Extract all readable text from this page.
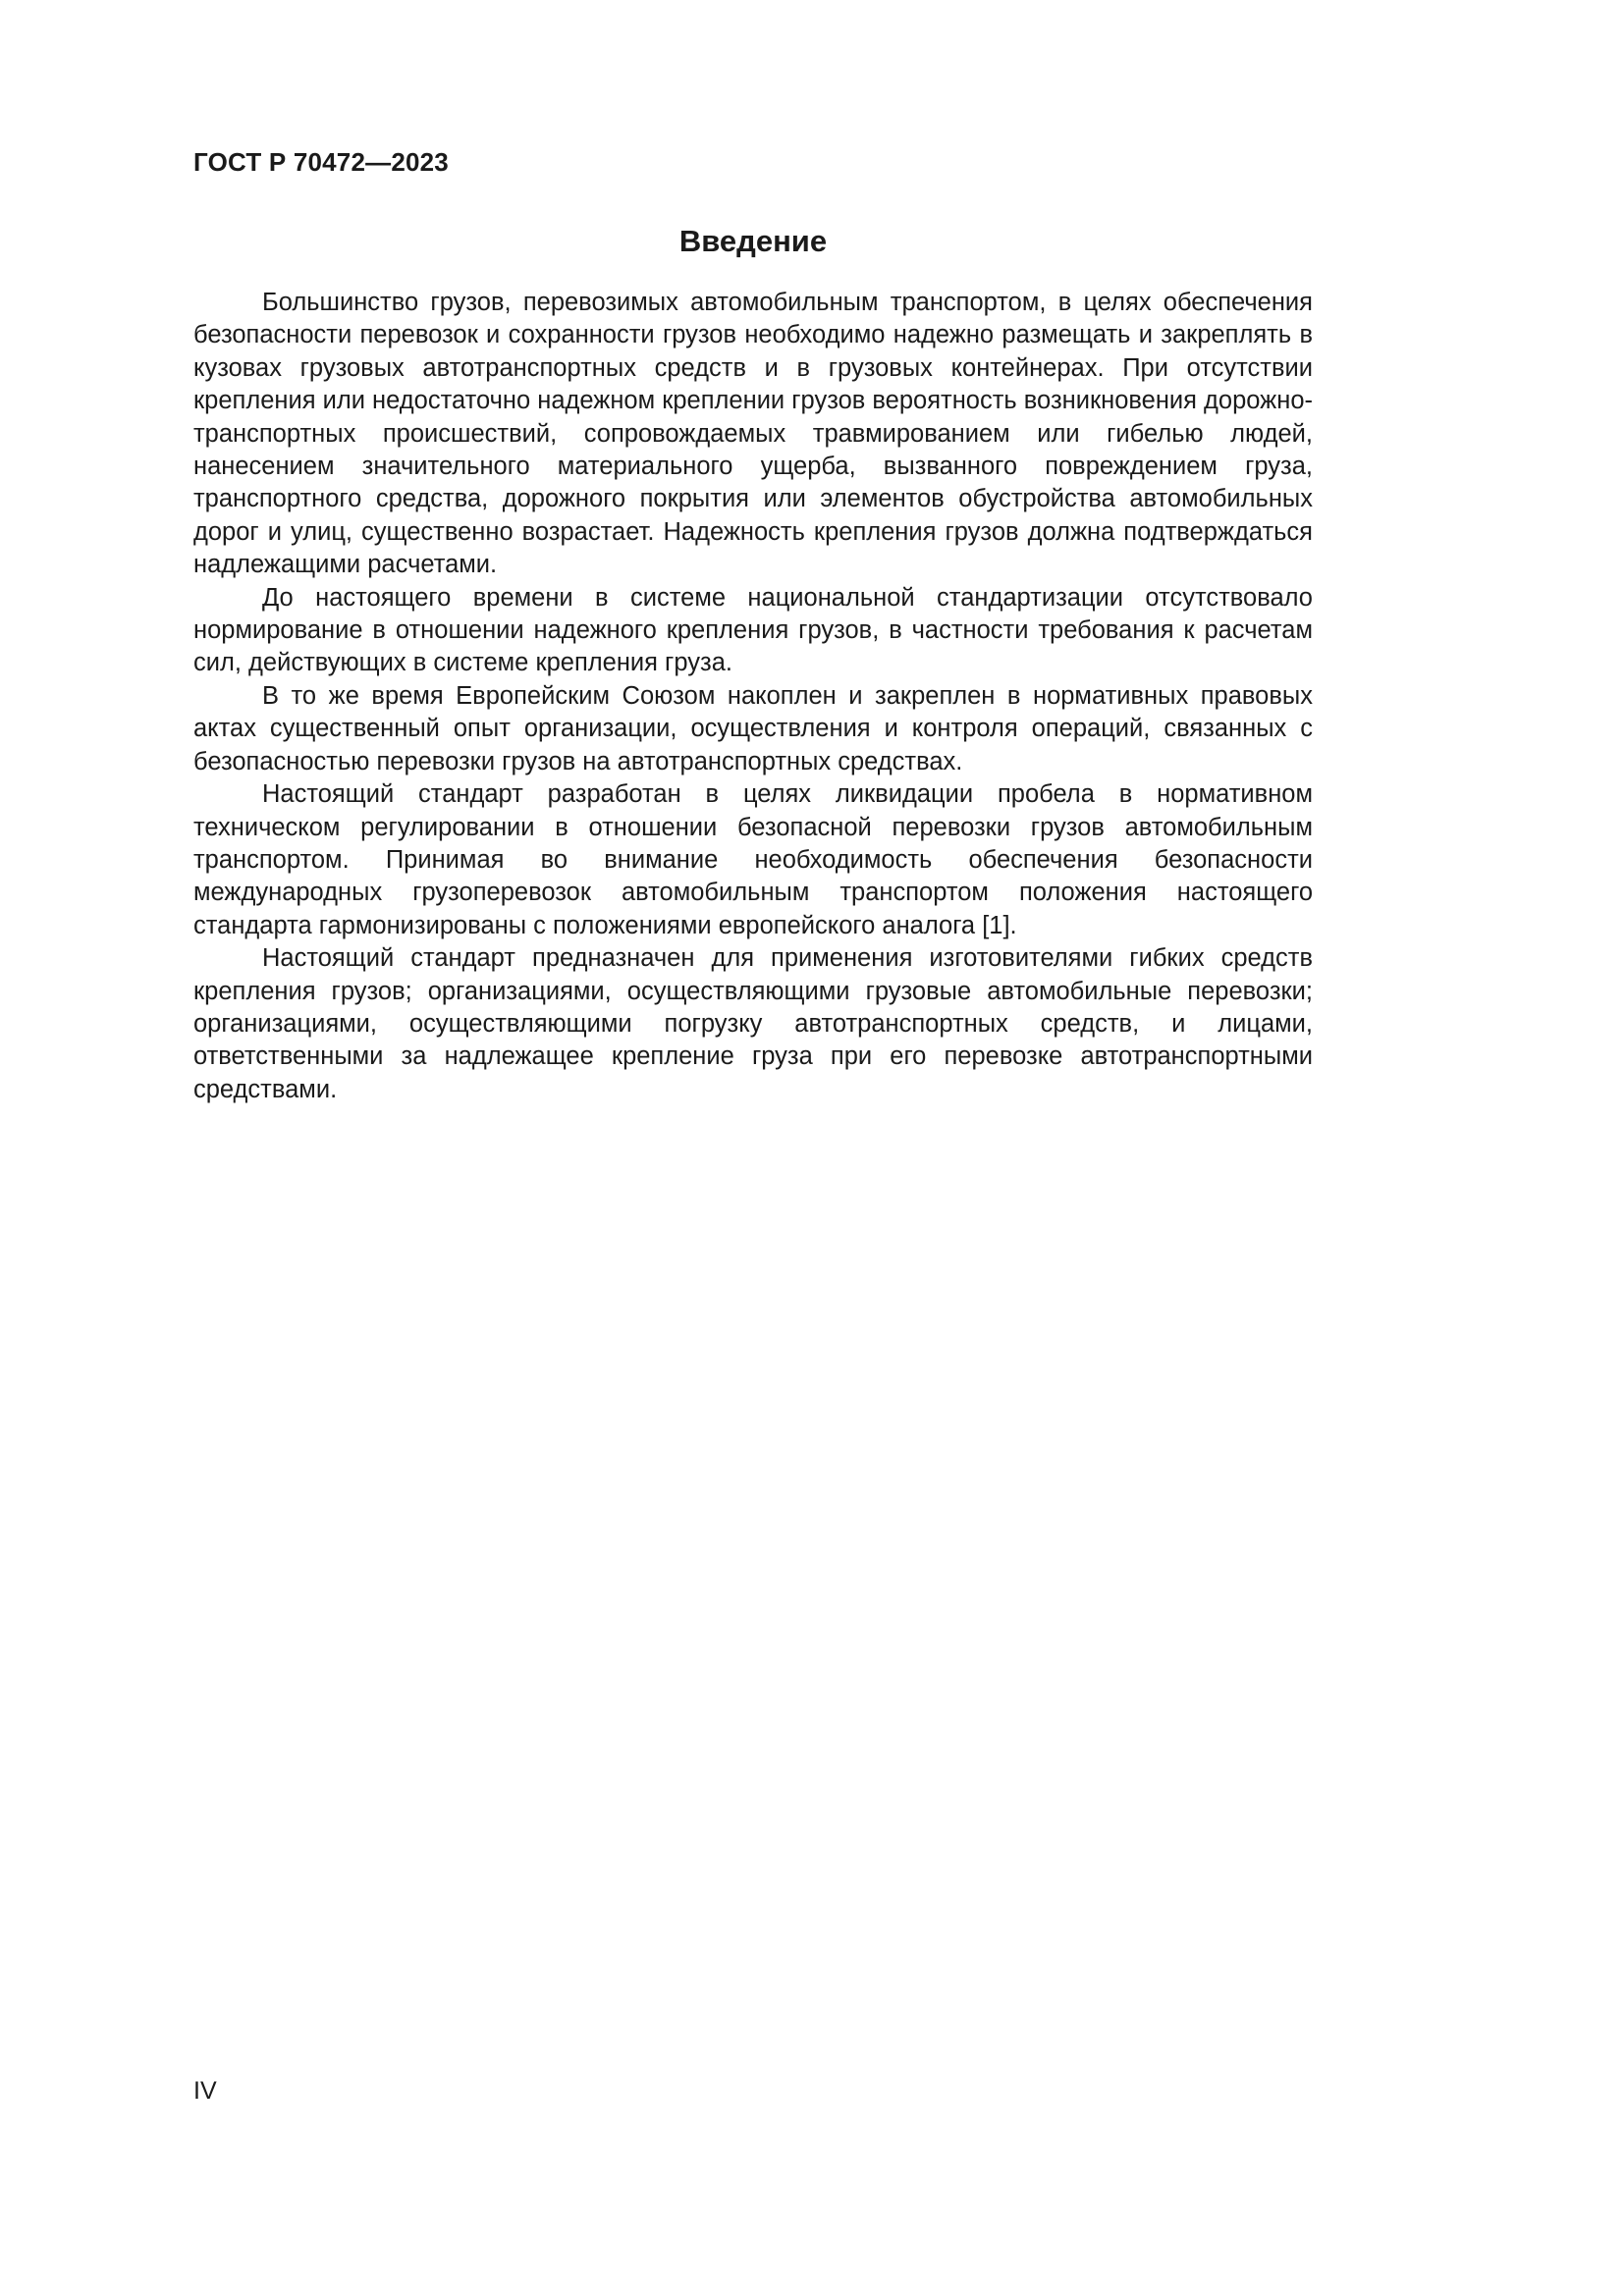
ГОСТ Р 70472—2023
Введение

Большинство грузов, перевозимых автомобильным транспортом, в целях обеспечения безопасности перевозок и сохранности грузов необходимо надежно размещать и закреплять в кузовах грузовых автотранспортных средств и в грузовых контейнерах. При отсутствии крепления или недостаточно надежном креплении грузов вероятность возникновения дорожно-транспортных происшествий, сопровождаемых травмированием или гибелью людей, нанесением значительного материального ущерба, вызванного повреждением груза, транспортного средства, дорожного покрытия или элементов обустройства автомобильных дорог и улиц, существенно возрастает. Надежность крепления грузов должна подтверждаться надлежащими расчетами.

До настоящего времени в системе национальной стандартизации отсутствовало нормирование в отношении надежного крепления грузов, в частности требования к расчетам сил, действующих в системе крепления груза.

В то же время Европейским Союзом накоплен и закреплен в нормативных правовых актах существенный опыт организации, осуществления и контроля операций, связанных с безопасностью перевозки грузов на автотранспортных средствах.

Настоящий стандарт разработан в целях ликвидации пробела в нормативном техническом регулировании в отношении безопасной перевозки грузов автомобильным транспортом. Принимая во внимание необходимость обеспечения безопасности международных грузоперевозок автомобильным транспортом положения настоящего стандарта гармонизированы с положениями европейского аналога [1].

Настоящий стандарт предназначен для применения изготовителями гибких средств крепления грузов; организациями, осуществляющими грузовые автомобильные перевозки; организациями, осуществляющими погрузку автотранспортных средств, и лицами, ответственными за надлежащее крепление груза при его перевозке автотранспортными средствами.

IV
